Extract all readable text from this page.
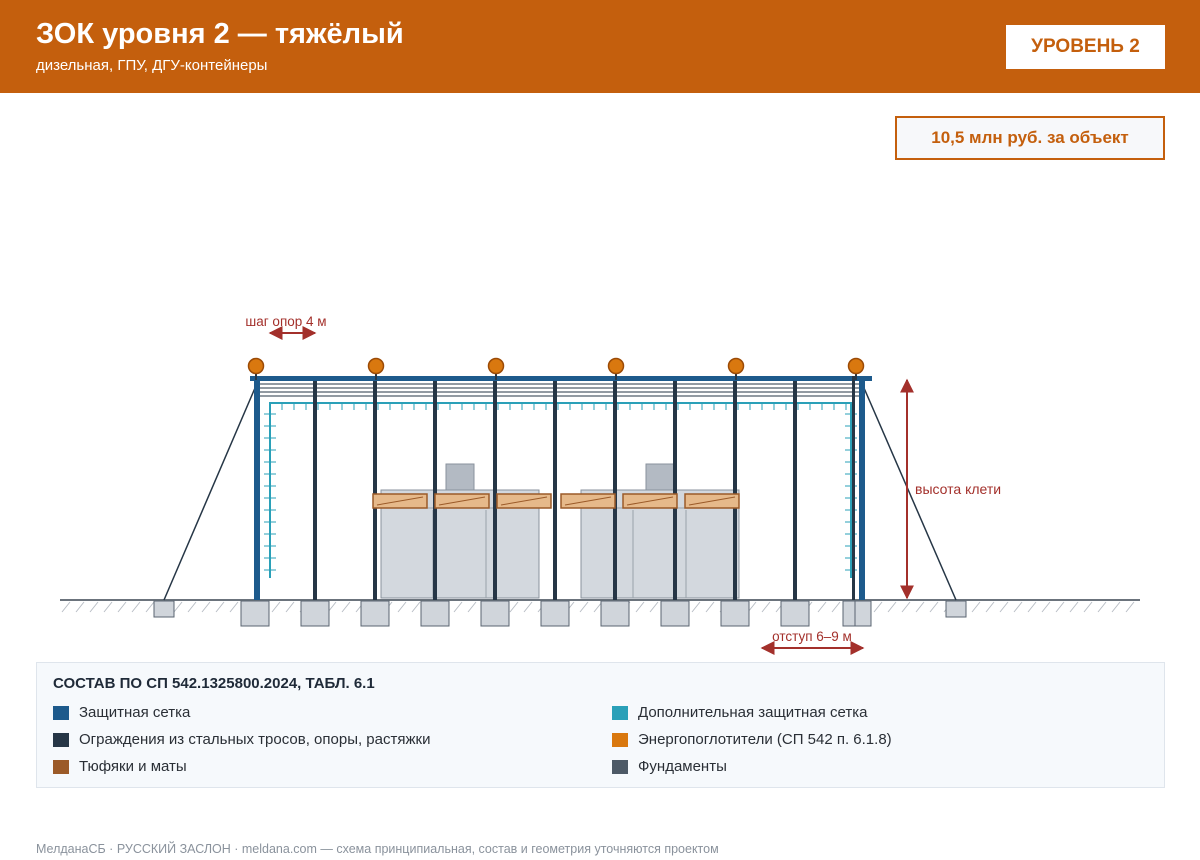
ЗОК уровня 2 — тяжёлый
дизельная, ГПУ, ДГУ-контейнеры
УРОВЕНЬ 2
10,5 млн руб. за объект
шаг опор 4 м
высота клети
отступ 6–9 м
СОСТАВ ПО СП 542.1325800.2024, ТАБЛ. 6.1
Защитная сетка
Ограждения из стальных тросов, опоры, растяжки
Тюфяки и маты
Дополнительная защитная сетка
Энергопоглотители (СП 542 п. 6.1.8)
Фундаменты
МелданаСБ · РУССКИЙ ЗАСЛОН · meldana.com — схема принципиальная, состав и геометрия уточняются проектом
